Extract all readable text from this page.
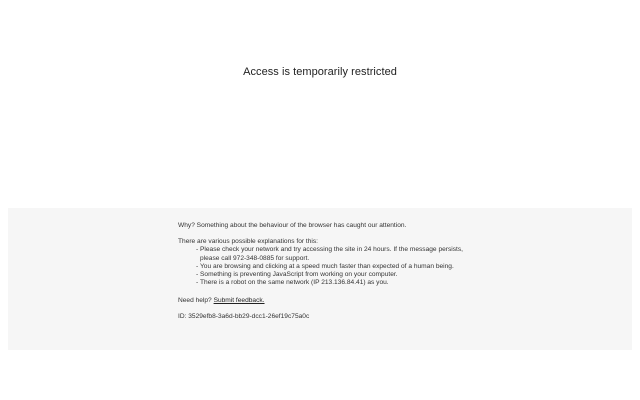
Access is temporarily restricted

Why? Something about the behaviour of the browser has caught our attention.

There are various possible explanations for this:

- Please check your network and try accessing the site in 24 hours. If the message persists, please call 972-348-0885 for support.
- You are browsing and clicking at a speed much faster than expected of a human being.
- Something is preventing JavaScript from working on your computer.
- There is a robot on the same network (IP 213.136.84.41) as you.

Need help? Submit feedback.

ID: 3529efb8-3a6d-bb29-dcc1-26ef19c75a0c
